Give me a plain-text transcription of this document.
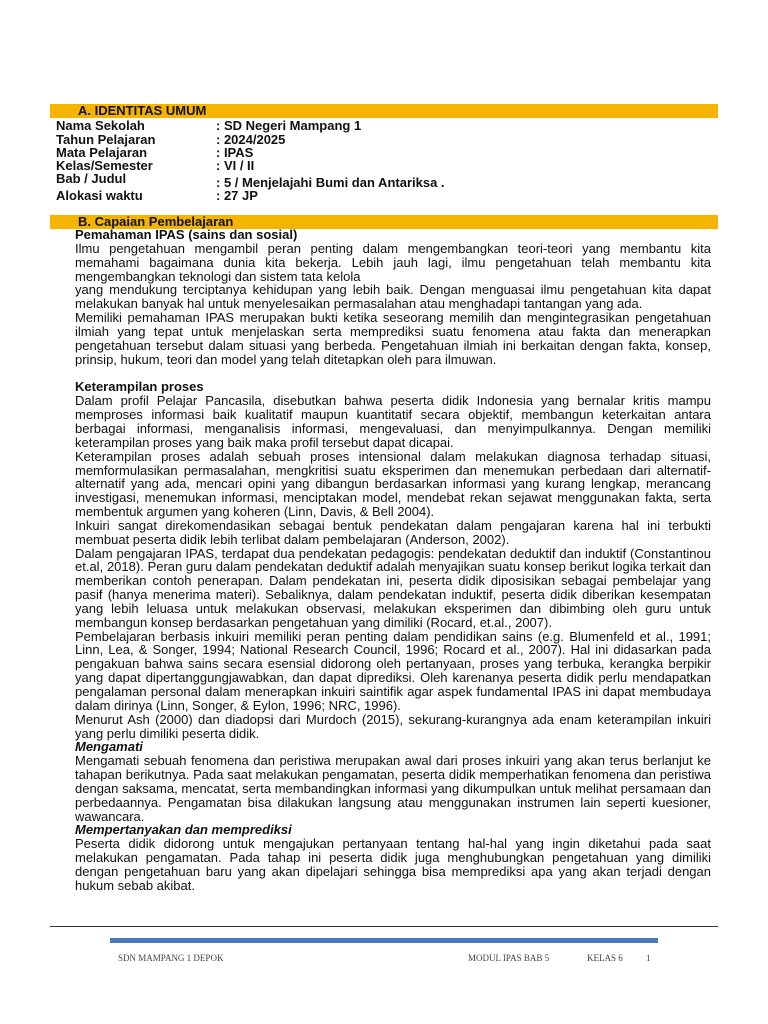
A. IDENTITAS UMUM
Nama Sekolah	: SD Negeri Mampang 1
Tahun Pelajaran	: 2024/2025
Mata Pelajaran	: IPAS
Kelas/Semester	: VI / II
Bab / Judul	: 5 / Menjelajahi Bumi dan Antariksa .
Alokasi waktu	: 27 JP
B. Capaian Pembelajaran

Pemahaman IPAS (sains dan sosial)

Ilmu pengetahuan mengambil peran penting dalam mengembangkan teori-teori yang membantu kita memahami bagaimana dunia kita bekerja. Lebih jauh lagi, ilmu pengetahuan telah membantu kita mengembangkan teknologi dan sistem tata kelola

yang mendukung terciptanya kehidupan yang lebih baik. Dengan menguasai ilmu pengetahuan kita dapat melakukan banyak hal untuk menyelesaikan permasalahan atau menghadapi tantangan yang ada.

Memiliki pemahaman IPAS merupakan bukti ketika seseorang memilih dan mengintegrasikan pengetahuan ilmiah yang tepat untuk menjelaskan serta memprediksi suatu fenomena atau fakta dan menerapkan pengetahuan tersebut dalam situasi yang berbeda. Pengetahuan ilmiah ini berkaitan dengan fakta, konsep, prinsip, hukum, teori dan model yang telah ditetapkan oleh para ilmuwan.

Keterampilan proses

Dalam profil Pelajar Pancasila, disebutkan bahwa peserta didik Indonesia yang bernalar kritis mampu memproses informasi baik kualitatif maupun kuantitatif secara objektif, membangun keterkaitan antara berbagai informasi, menganalisis informasi, mengevaluasi, dan menyimpulkannya. Dengan memiliki keterampilan proses yang baik maka profil tersebut dapat dicapai.

Keterampilan proses adalah sebuah proses intensional dalam melakukan diagnosa terhadap situasi, memformulasikan permasalahan, mengkritisi suatu eksperimen dan menemukan perbedaan dari alternatif-alternatif yang ada, mencari opini yang dibangun berdasarkan informasi yang kurang lengkap, merancang investigasi, menemukan informasi, menciptakan model, mendebat rekan sejawat menggunakan fakta, serta membentuk argumen yang koheren (Linn, Davis, & Bell 2004).

Inkuiri sangat direkomendasikan sebagai bentuk pendekatan dalam pengajaran karena hal ini terbukti membuat peserta didik lebih terlibat dalam pembelajaran (Anderson, 2002).

Dalam pengajaran IPAS, terdapat dua pendekatan pedagogis: pendekatan deduktif dan induktif (Constantinou et.al, 2018). Peran guru dalam pendekatan deduktif adalah menyajikan suatu konsep berikut logika terkait dan memberikan contoh penerapan. Dalam pendekatan ini, peserta didik diposisikan sebagai pembelajar yang pasif (hanya menerima materi). Sebaliknya, dalam pendekatan induktif, peserta didik diberikan kesempatan yang lebih leluasa untuk melakukan observasi, melakukan eksperimen dan dibimbing oleh guru untuk membangun konsep berdasarkan pengetahuan yang dimiliki (Rocard, et.al., 2007).

Pembelajaran berbasis inkuiri memiliki peran penting dalam pendidikan sains (e.g. Blumenfeld et al., 1991; Linn, Lea, & Songer, 1994; National Research Council, 1996; Rocard et al., 2007). Hal ini didasarkan pada pengakuan bahwa sains secara esensial didorong oleh pertanyaan, proses yang terbuka, kerangka berpikir yang dapat dipertanggungjawabkan, dan dapat diprediksi. Oleh karenanya peserta didik perlu mendapatkan pengalaman personal dalam menerapkan inkuiri saintifik agar aspek fundamental IPAS ini dapat membudaya dalam dirinya (Linn, Songer, & Eylon, 1996; NRC, 1996).

Menurut Ash (2000) dan diadopsi dari Murdoch (2015), sekurang-kurangnya ada enam keterampilan inkuiri yang perlu dimiliki peserta didik.

Mengamati

Mengamati sebuah fenomena dan peristiwa merupakan awal dari proses inkuiri yang akan terus berlanjut ke tahapan berikutnya. Pada saat melakukan pengamatan, peserta didik memperhatikan fenomena dan peristiwa dengan saksama, mencatat, serta membandingkan informasi yang dikumpulkan untuk melihat persamaan dan perbedaannya. Pengamatan bisa dilakukan langsung atau menggunakan instrumen lain seperti kuesioner, wawancara.

Mempertanyakan dan memprediksi

Peserta didik didorong untuk mengajukan pertanyaan tentang hal-hal yang ingin diketahui pada saat melakukan pengamatan. Pada tahap ini peserta didik juga menghubungkan pengetahuan yang dimiliki dengan pengetahuan baru yang akan dipelajari sehingga bisa memprediksi apa yang akan terjadi dengan hukum sebab akibat.

SDN MAMPANG 1 DEPOK	MODUL IPAS BAB 5	KELAS 6	1
